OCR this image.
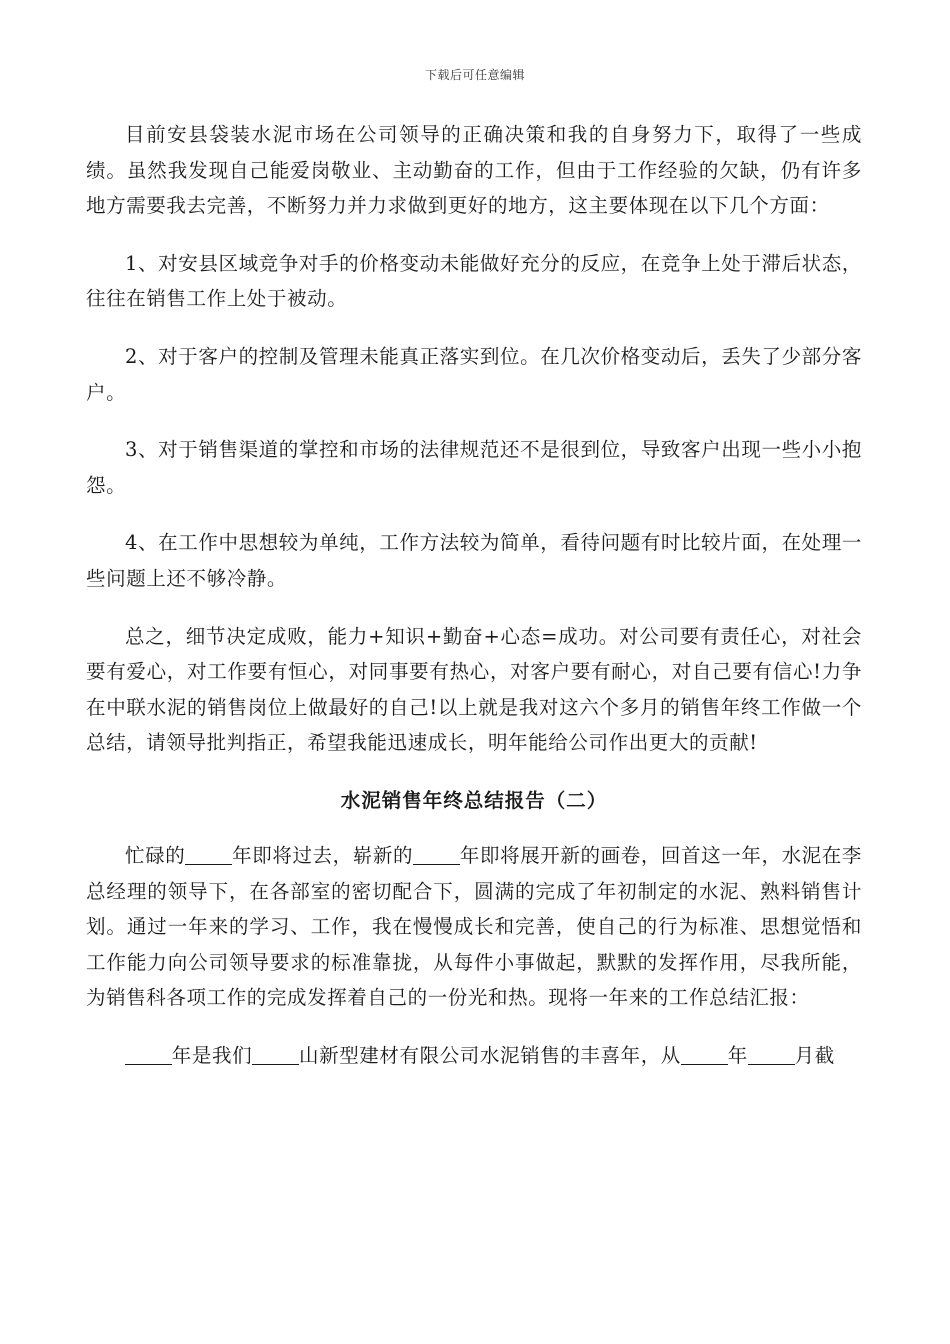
下载后可任意编辑

目前安县袋装水泥市场在公司领导的正确决策和我的自身努力下，取得了一些成绩。虽然我发现自己能爱岗敬业、主动勤奋的工作，但由于工作经验的欠缺，仍有许多地方需要我去完善，不断努力并力求做到更好的地方，这主要体现在以下几个方面：

1、对安县区域竞争对手的价格变动未能做好充分的反应，在竞争上处于滞后状态，往往在销售工作上处于被动。

2、对于客户的控制及管理未能真正落实到位。在几次价格变动后，丢失了少部分客户。

3、对于销售渠道的掌控和市场的法律规范还不是很到位，导致客户出现一些小小抱怨。

4、在工作中思想较为单纯，工作方法较为简单，看待问题有时比较片面，在处理一些问题上还不够冷静。

总之，细节决定成败，能力+知识+勤奋+心态=成功。对公司要有责任心，对社会要有爱心，对工作要有恒心，对同事要有热心，对客户要有耐心，对自己要有信心!力争在中联水泥的销售岗位上做最好的自己!以上就是我对这六个多月的销售年终工作做一个总结，请领导批判指正，希望我能迅速成长，明年能给公司作出更大的贡献!

水泥销售年终总结报告（二）

忙碌的 年即将过去，崭新的 年即将展开新的画卷，回首这一年，水泥在李总经理的领导下，在各部室的密切配合下，圆满的完成了年初制定的水泥、熟料销售计划。通过一年来的学习、工作，我在慢慢成长和完善，使自己的行为标准、思想觉悟和工作能力向公司领导要求的标准靠拢，从每件小事做起，默默的发挥作用，尽我所能，为销售科各项工作的完成发挥着自己的一份光和热。现将一年来的工作总结汇报：

年是我们 山新型建材有限公司水泥销售的丰喜年，从 年 月截
